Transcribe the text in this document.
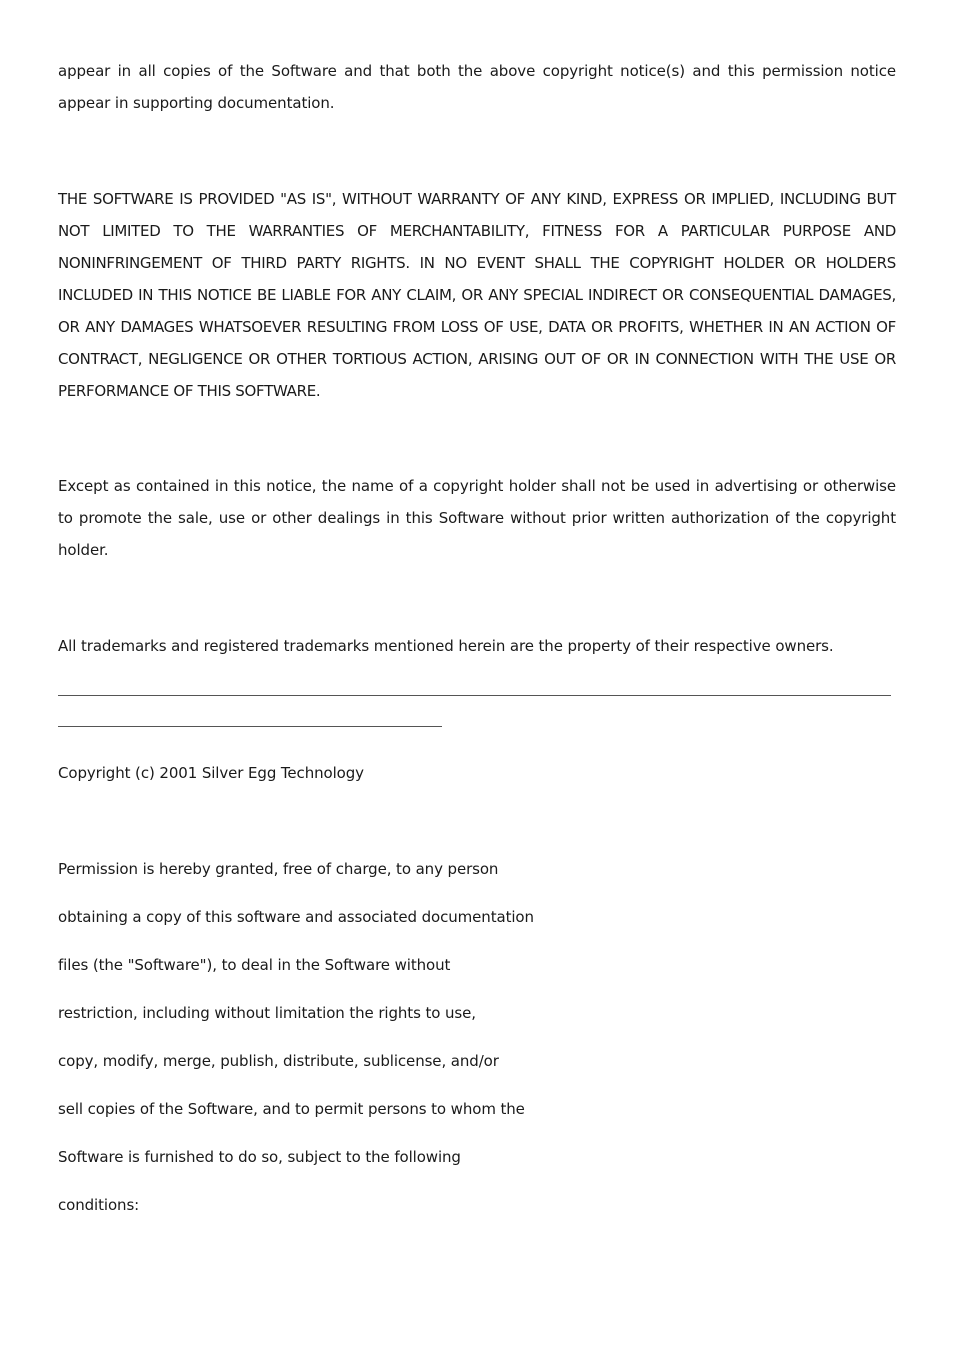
appear in all copies of the Software and that both the above copyright notice(s) and this permission notice appear in supporting documentation.

THE SOFTWARE IS PROVIDED "AS IS", WITHOUT WARRANTY OF ANY KIND, EXPRESS OR IMPLIED, INCLUDING BUT NOT LIMITED TO THE WARRANTIES OF MERCHANTABILITY, FITNESS FOR A PARTICULAR PURPOSE AND NONINFRINGEMENT OF THIRD PARTY RIGHTS. IN NO EVENT SHALL THE COPYRIGHT HOLDER OR HOLDERS INCLUDED IN THIS NOTICE BE LIABLE FOR ANY CLAIM, OR ANY SPECIAL INDIRECT OR CONSEQUENTIAL DAMAGES, OR ANY DAMAGES WHATSOEVER RESULTING FROM LOSS OF USE, DATA OR PROFITS, WHETHER IN AN ACTION OF CONTRACT, NEGLIGENCE OR OTHER TORTIOUS ACTION, ARISING OUT OF OR IN CONNECTION WITH THE USE OR PERFORMANCE OF THIS SOFTWARE.

Except as contained in this notice, the name of a copyright holder shall not be used in advertising or otherwise to promote the sale, use or other dealings in this Software without prior written authorization of the copyright holder.

All trademarks and registered trademarks mentioned herein are the property of their respective owners.

Copyright (c) 2001 Silver Egg Technology
Permission is hereby granted, free of charge, to any person
obtaining a copy of this software and associated documentation
files (the "Software"), to deal in the Software without
restriction, including without limitation the rights to use,
copy, modify, merge, publish, distribute, sublicense, and/or
sell copies of the Software, and to permit persons to whom the
Software is furnished to do so, subject to the following
conditions:
